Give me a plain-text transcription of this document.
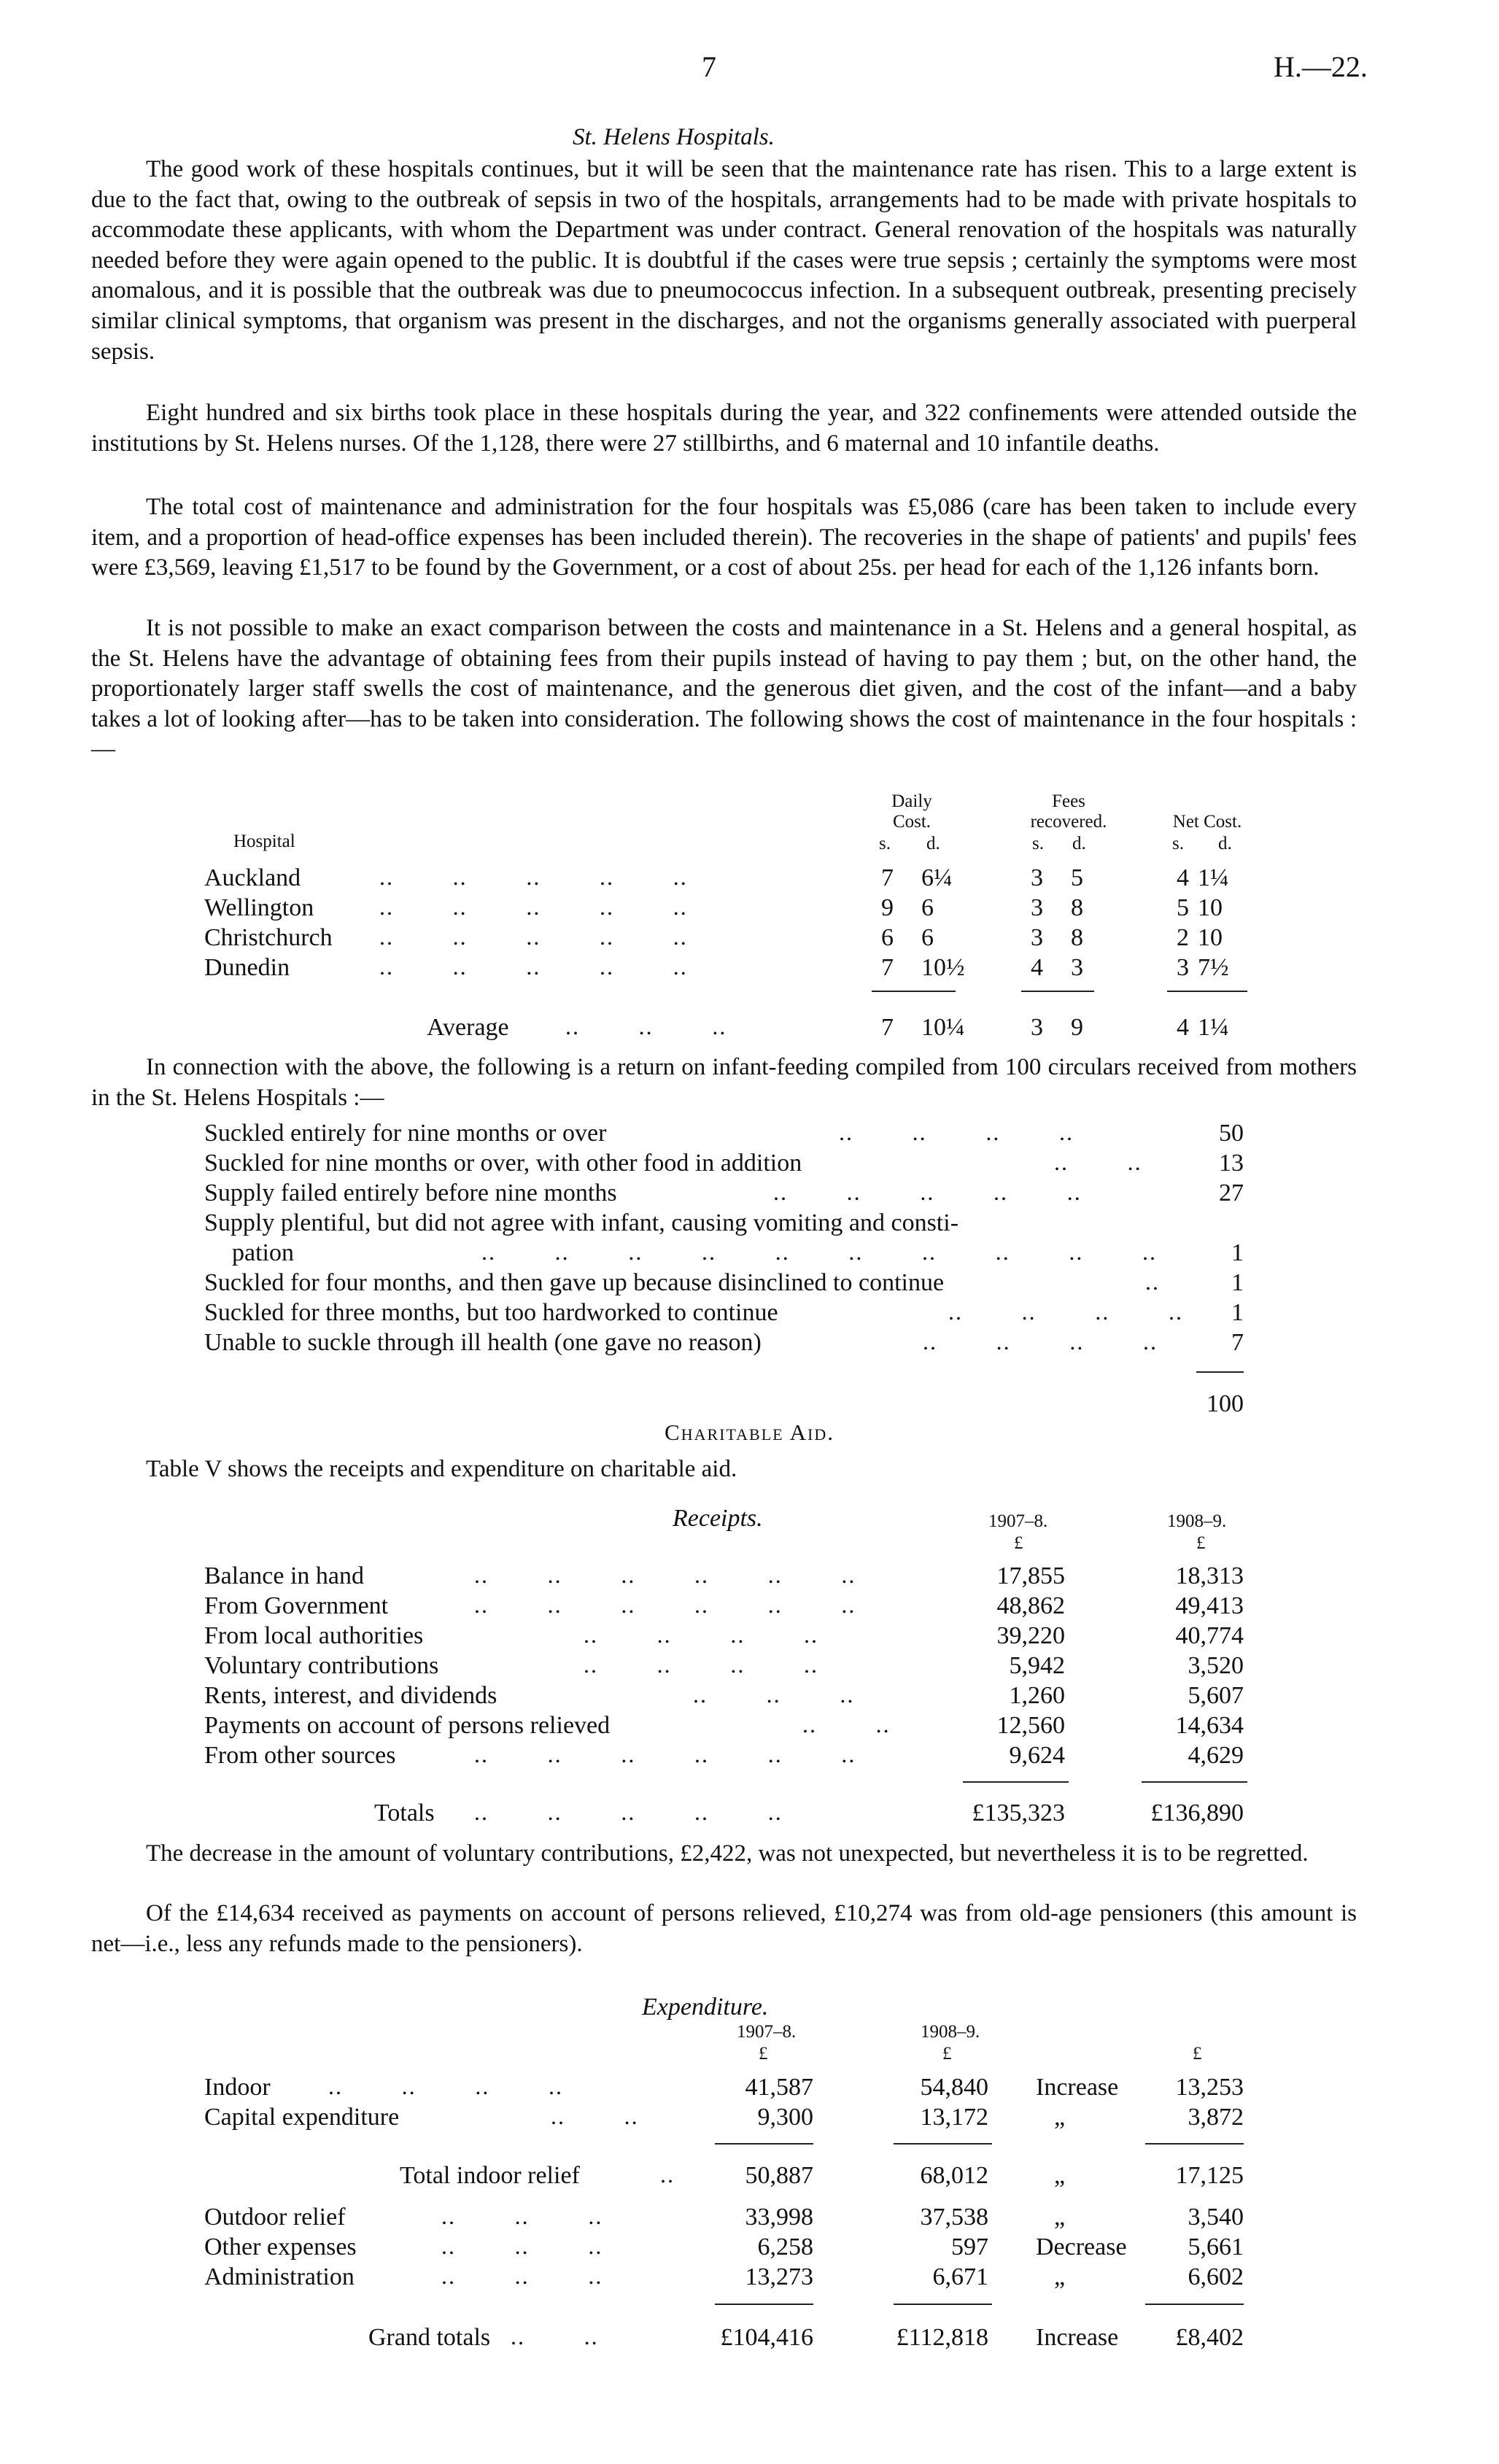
7	H.—22.
St. Helens Hospitals.

The good work of these hospitals continues, but it will be seen that the maintenance rate has risen. This to a large extent is due to the fact that, owing to the outbreak of sepsis in two of the hospitals, arrangements had to be made with private hospitals to accommodate these applicants, with whom the Department was under contract. General renovation of the hospitals was naturally needed before they were again opened to the public. It is doubtful if the cases were true sepsis ; certainly the symptoms were most anomalous, and it is possible that the outbreak was due to pneumococcus infection. In a subsequent outbreak, presenting precisely similar clinical symptoms, that organism was present in the discharges, and not the organisms generally associated with puerperal sepsis.

Eight hundred and six births took place in these hospitals during the year, and 322 confinements were attended outside the institutions by St. Helens nurses. Of the 1,128, there were 27 stillbirths, and 6 maternal and 10 infantile deaths.

The total cost of maintenance and administration for the four hospitals was £5,086 (care has been taken to include every item, and a proportion of head-office expenses has been included therein). The recoveries in the shape of patients' and pupils' fees were £3,569, leaving £1,517 to be found by the Government, or a cost of about 25s. per head for each of the 1,126 infants born.

It is not possible to make an exact comparison between the costs and maintenance in a St. Helens and a general hospital, as the St. Helens have the advantage of obtaining fees from their pupils instead of having to pay them ; but, on the other hand, the proportionately larger staff swells the cost of maintenance, and the generous diet given, and the cost of the infant—and a baby takes a lot of looking after—has to be taken into consideration. The following shows the cost of maintenance in the four hospitals :—

Hospital
Daily
Cost.
Fees
recovered.	Net Cost.
s. d.	s. d.	s. d.
Auckland	..   ..   ..   ..   ..	7 6¼	3 5	4 1¼
Wellington	..   ..   ..   ..   ..	9 6	3 8	5 10
Christchurch ..   ..   ..   ..   ..	6 6	3 8	2 10
Dunedin	..   ..   ..   ..   ..	7 10½	4 3	3 7½
Average ..   ..   ..	7 10¼	3 9	4 1¼

In connection with the above, the following is a return on infant-feeding compiled from 100 circulars received from mothers in the St. Helens Hospitals :—

Suckled entirely for nine months or over	..   ..   ..   ..	50
Suckled for nine months or over, with other food in addition	..   ..	13
Supply failed entirely before nine months	..   ..   ..   ..   ..	27
Supply plentiful, but did not agree with infant, causing vomiting and consti-
pation	..   ..   ..   ..   ..   ..   ..   ..   ..   ..	1
Suckled for four months, and then gave up because disinclined to continue	..	1
Suckled for three months, but too hardworked to continue	..   ..   ..   ..	1
Unable to suckle through ill health (one gave no reason)	..   ..   ..   ..	7
100
Charitable Aid.

Table V shows the receipts and expenditure on charitable aid.

Receipts.	1907–8.	1908–9.
£	£
Balance in hand	..   ..   ..   ..   ..   ..	17,855	18,313
From Government	..   ..   ..   ..   ..   ..	48,862	49,413
From local authorities	..   ..   ..   ..	39,220	40,774
Voluntary contributions	..   ..   ..   ..	5,942	3,520
Rents, interest, and dividends	..   ..   ..	1,260	5,607
Payments on account of persons relieved	..   ..	12,560	14,634
From other sources	..   ..   ..   ..   ..   ..	9,624	4,629
Totals ..   ..   ..   ..   ..	£135,323	£136,890

The decrease in the amount of voluntary contributions, £2,422, was not unexpected, but nevertheless it is to be regretted.

Of the £14,634 received as payments on account of persons relieved, £10,274 was from old-age pensioners (this amount is net—i.e., less any refunds made to the pensioners).

Expenditure.
1907–8.	1908–9.
£	£	£
Indoor ..   ..   ..   ..	41,587	54,840 Increase	13,253
Capital expenditure	..   ..	9,300	13,172	„	3,872
Total indoor relief	..	50,887	68,012	„	17,125
Outdoor relief	..   ..   ..	33,998	37,538	„	3,540
Other expenses	..   ..   ..	6,258	597 Decrease	5,661
Administration	..   ..   ..	13,273	6,671	„	6,602
Grand totals ..   ..	£104,416	£112,818 Increase	£8,402
